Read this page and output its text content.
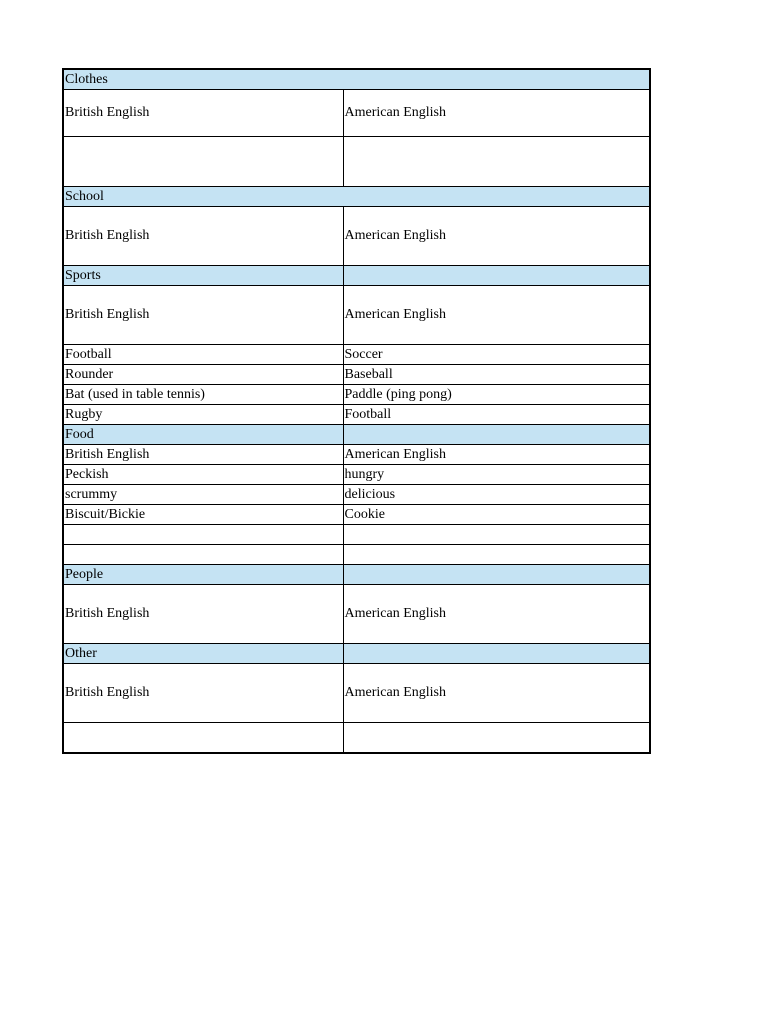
Clothes	
British English	American English

School	
British English	American English
Sports	
British English	American English
Football	Soccer
Rounder	Baseball
Bat (used in table tennis)	Paddle (ping pong)
Rugby	Football
Food	
British English	American English
Peckish	hungry
scrummy	delicious
Biscuit/Bickie	Cookie

People	
British English	American English
Other	
British English	American English
